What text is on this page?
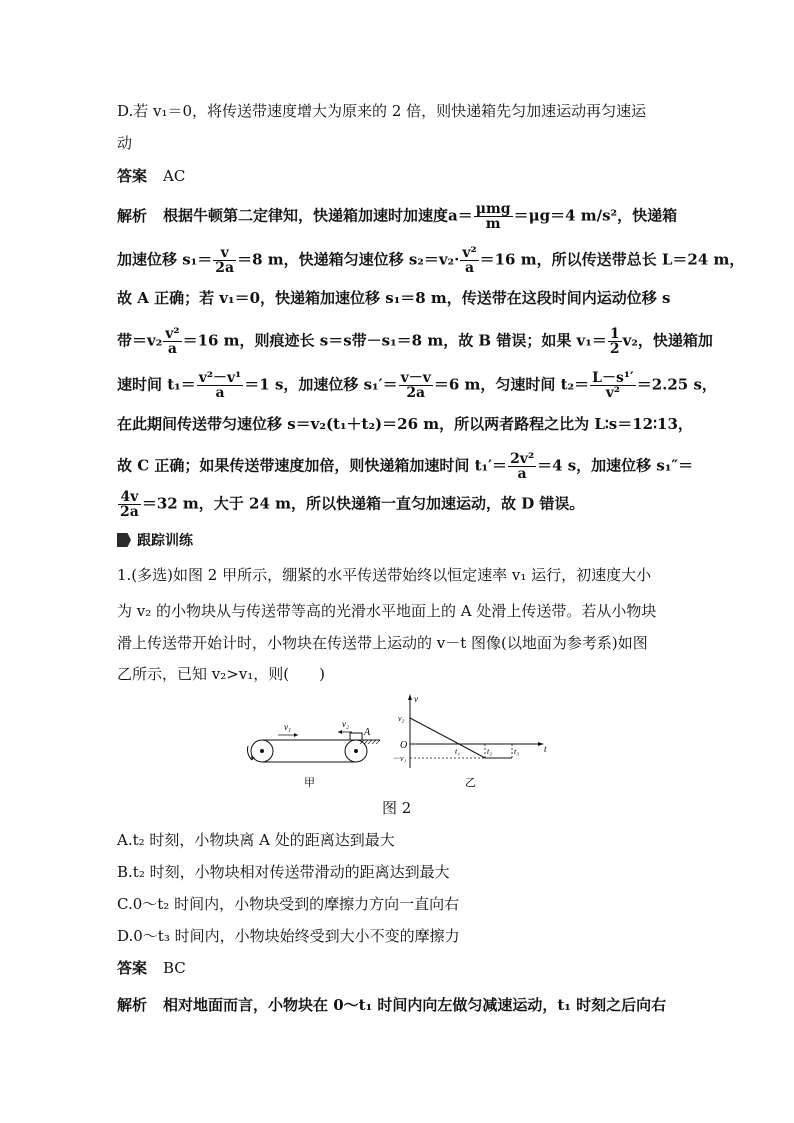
D.若 v₁＝0，将传送带速度增大为原来的 2 倍，则快递箱先匀加速运动再匀速运
动
答案 AC
解析 根据牛顿第二定律知，快递箱加速时加速度$a= \frac{\text{μmg}}{m} =\mu g=4$ m/s²，快递箱
加速位移 $s_1= \frac{v}{2a} =8$ m，快递箱匀速位移 $s_2=v_2\cdot \frac{\text{v²}}{a} =16$ m，所以传送带总长 L＝24 m，
故 A 正确；若 v₁＝0，快递箱加速位移 s₁＝8 m，传送带在这段时间内运动位移 s
带$=v_2 \frac{\text{v²}}{a} =16$ m，则痕迹长 s＝s带－s₁＝8 m，故 B 错误；如果 $v_1= \frac{1}{2} v_2$，快递箱加
速时间 $t_1= \frac{\text{v²－v¹}}{a} =1$ s，加速位移 $s_1'= \frac{v-v}{2a} =6$ m，匀速时间 $t_2= \frac{\text{L－s¹′}}{\text{v²}} =2.25$ s，
在此期间传送带匀速位移 s＝v₂(t₁＋t₂)＝26 m，所以两者路程之比为 L∶s＝12∶13，
故 C 正确；如果传送带速度加倍，则快递箱加速时间 $t_1'= \frac{\text{2v²}}{a} =4$ s，加速位移 s₁″＝
$\frac{4v}{2a} =32$ m，大于 24 m，所以快递箱一直匀加速运动，故 D 错误。
跟踪训练
1.(多选)如图 2 甲所示，绷紧的水平传送带始终以恒定速率 v₁ 运行，初速度大小
为 v₂ 的小物块从与传送带等高的光滑水平地面上的 A 处滑上传送带。若从小物块
滑上传送带开始计时，小物块在传送带上运动的 v－t 图像(以地面为参考系)如图
乙所示，已知 v₂>v₁，则(　　)
v₁	v₂
A
甲
v
t
O
v₂
－v₁
t₁	t₂	t₃
乙
图 2
A.t₂ 时刻，小物块离 A 处的距离达到最大
B.t₂ 时刻，小物块相对传送带滑动的距离达到最大
C.0～t₂ 时间内，小物块受到的摩擦力方向一直向右
D.0～t₃ 时间内，小物块始终受到大小不变的摩擦力
答案 BC
解析 相对地面而言，小物块在 0～t₁ 时间内向左做匀减速运动，t₁ 时刻之后向右
